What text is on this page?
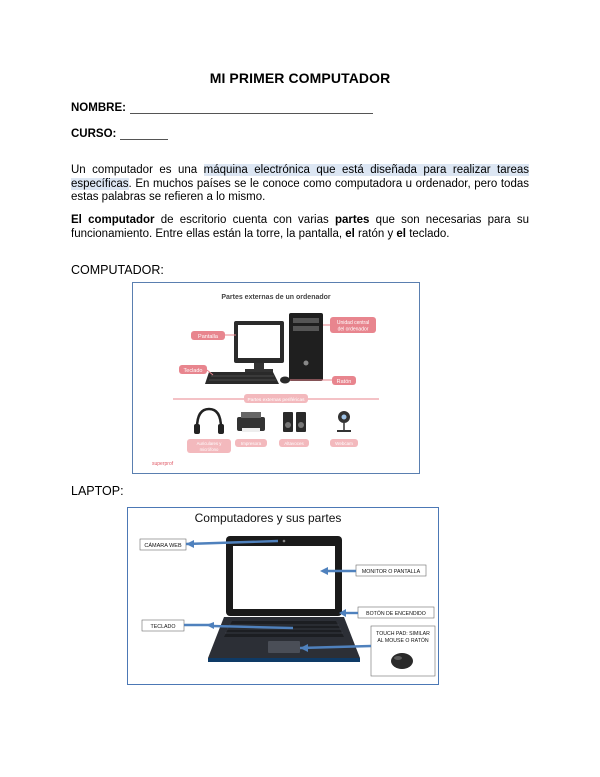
MI PRIMER COMPUTADOR
NOMBRE:
CURSO:
Un computador es una máquina electrónica que está diseñada para realizar tareas específicas. En muchos países se le conoce como computadora u ordenador, pero todas estas palabras se refieren a lo mismo.
El computador de escritorio cuenta con varias partes que son necesarias para su funcionamiento. Entre ellas están la torre, la pantalla, el ratón y el teclado.
COMPUTADOR:
Partes externas de un ordenador
Pantalla
Unidad central
del ordenador
Teclado
Ratón
Partes externas periféricas
Auriculares y
micrófono
Impresora	Altavoces	Webcam
superprof
LAPTOP:
Computadores y sus partes
CÁMARA WEB
MONITOR O PANTALLA
BOTÓN DE ENCENDIDO
TECLADO
TOUCH PAD: SIMILAR
AL MOUSE O RATÓN
